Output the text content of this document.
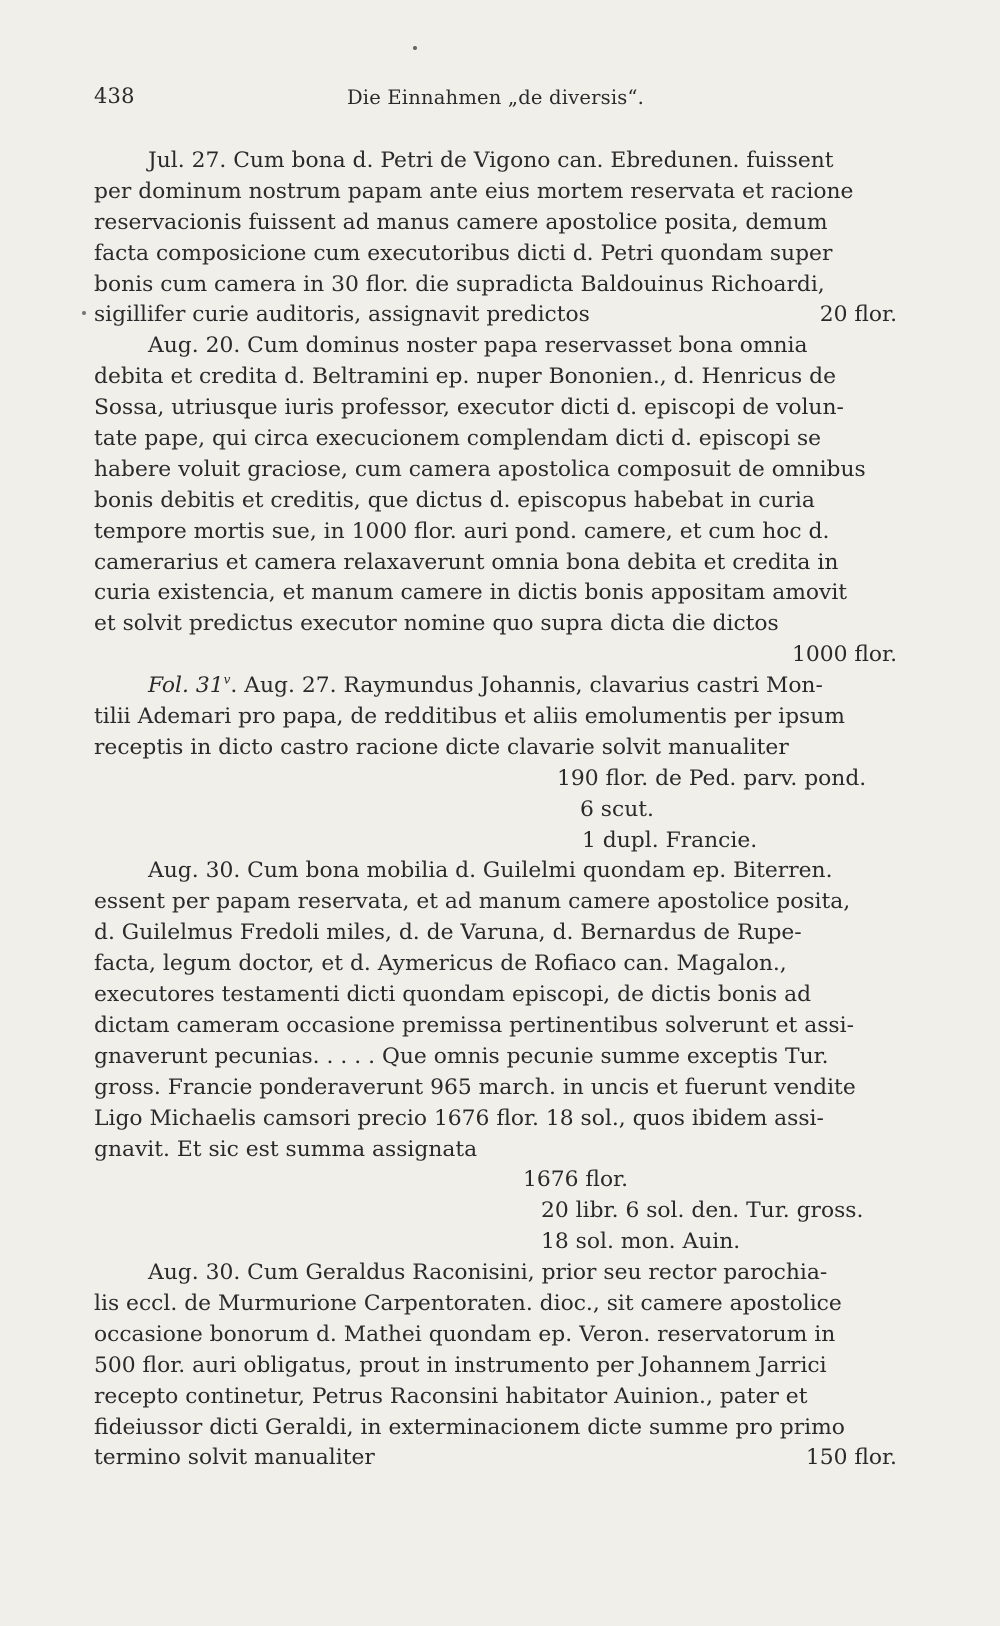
438	Die Einnahmen „de diversis“.
Jul. 27. Cum bona d. Petri de Vigono can. Ebredunen. fuissent
per dominum nostrum papam ante eius mortem reservata et racione
reservacionis fuissent ad manus camere apostolice posita, demum
facta composicione cum executoribus dicti d. Petri quondam super
bonis cum camera in 30 flor. die supradicta Baldouinus Richoardi,
sigillifer curie auditoris, assignavit predictos	20 flor.
Aug. 20. Cum dominus noster papa reservasset bona omnia
debita et credita d. Beltramini ep. nuper Bononien., d. Henricus de
Sossa, utriusque iuris professor, executor dicti d. episcopi de volun-
tate pape, qui circa execucionem complendam dicti d. episcopi se
habere voluit graciose, cum camera apostolica composuit de omnibus
bonis debitis et creditis, que dictus d. episcopus habebat in curia
tempore mortis sue, in 1000 flor. auri pond. camere, et cum hoc d.
camerarius et camera relaxaverunt omnia bona debita et credita in
curia existencia, et manum camere in dictis bonis appositam amovit
et solvit predictus executor nomine quo supra dicta die dictos
1000 flor.
Fol. 31$^v$. Aug. 27. Raymundus Johannis, clavarius castri Mon-
tilii Ademari pro papa, de redditibus et aliis emolumentis per ipsum
receptis in dicto castro racione dicte clavarie solvit manualiter
190 flor. de Ped. parv. pond.
6 scut.
1 dupl. Francie.
Aug. 30. Cum bona mobilia d. Guilelmi quondam ep. Biterren.
essent per papam reservata, et ad manum camere apostolice posita,
d. Guilelmus Fredoli miles, d. de Varuna, d. Bernardus de Rupe-
facta, legum doctor, et d. Aymericus de Rofiaco can. Magalon.,
executores testamenti dicti quondam episcopi, de dictis bonis ad
dictam cameram occasione premissa pertinentibus solverunt et assi-
gnaverunt pecunias. . . . . Que omnis pecunie summe exceptis Tur.
gross. Francie ponderaverunt 965 march. in uncis et fuerunt vendite
Ligo Michaelis camsori precio 1676 flor. 18 sol., quos ibidem assi-
gnavit. Et sic est summa assignata
1676 flor.
20 libr. 6 sol. den. Tur. gross.
18 sol. mon. Auin.
Aug. 30. Cum Geraldus Raconisini, prior seu rector parochia-
lis eccl. de Murmurione Carpentoraten. dioc., sit camere apostolice
occasione bonorum d. Mathei quondam ep. Veron. reservatorum in
500 flor. auri obligatus, prout in instrumento per Johannem Jarrici
recepto continetur, Petrus Raconsini habitator Auinion., pater et
fideiussor dicti Geraldi, in exterminacionem dicte summe pro primo
termino solvit manualiter	150 flor.
